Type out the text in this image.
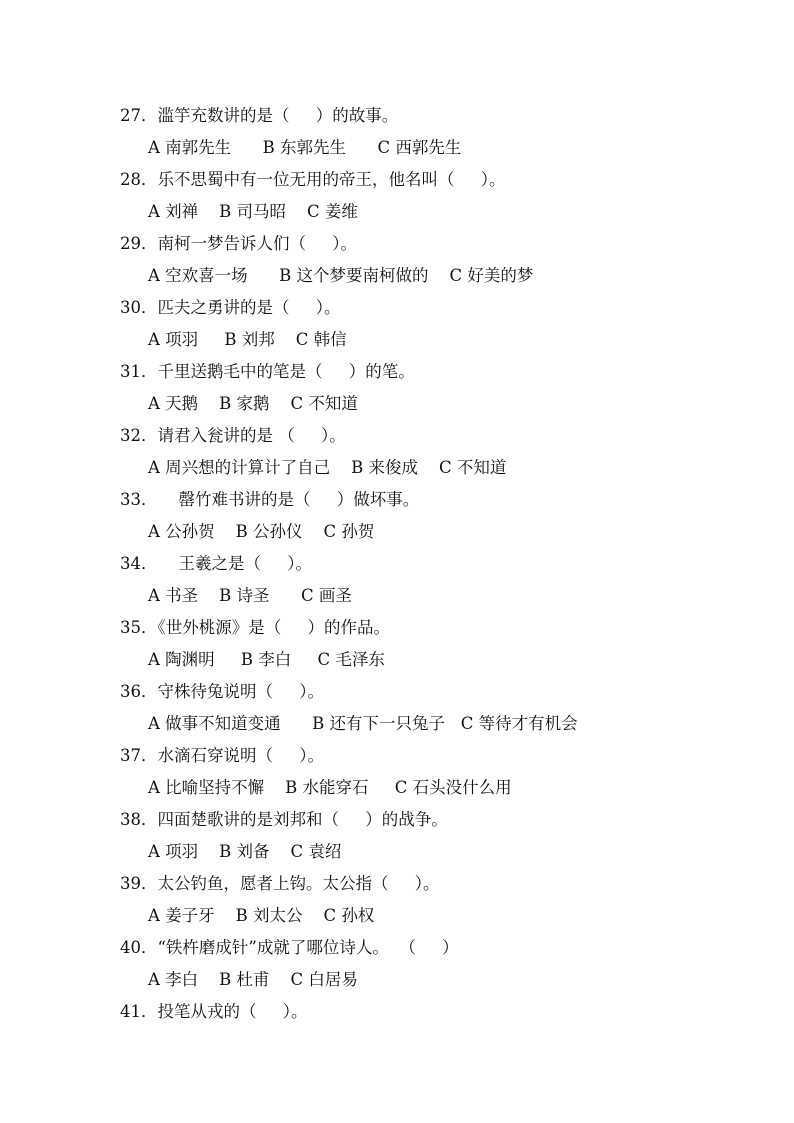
27．滥竽充数讲的是（     ）的故事。
A 南郭先生      B 东郭先生      C 西郭先生
28．乐不思蜀中有一位无用的帝王，他名叫（     ）。
A 刘禅    B 司马昭    C 姜维
29．南柯一梦告诉人们（     ）。
A 空欢喜一场      B 这个梦要南柯做的    C 好美的梦
30．匹夫之勇讲的是（     ）。
A 项羽     B 刘邦    C 韩信
31．千里送鹅毛中的笔是（     ）的笔。
A 天鹅    B 家鹅    C 不知道
32．请君入瓮讲的是 （     ）。
A 周兴想的计算计了自己    B 来俊成    C 不知道
33．    罄竹难书讲的是（     ）做坏事。
A 公孙贺    B 公孙仪    C 孙贺
34．    王羲之是（     ）。
A 书圣    B 诗圣      C 画圣
35．《世外桃源》是（     ）的作品。
A 陶渊明     B 李白     C 毛泽东
36．守株待兔说明（     ）。
A 做事不知道变通      B 还有下一只兔子   C 等待才有机会
37．水滴石穿说明（     ）。
A 比喻坚持不懈    B 水能穿石     C 石头没什么用
38．四面楚歌讲的是刘邦和（     ）的战争。
A 项羽    B 刘备    C 袁绍
39．太公钓鱼，愿者上钩。太公指（     ）。
A 姜子牙    B 刘太公    C 孙权
40．“铁杵磨成针”成就了哪位诗人。  （     ）
A 李白    B 杜甫    C 白居易
41．投笔从戎的（     ）。
